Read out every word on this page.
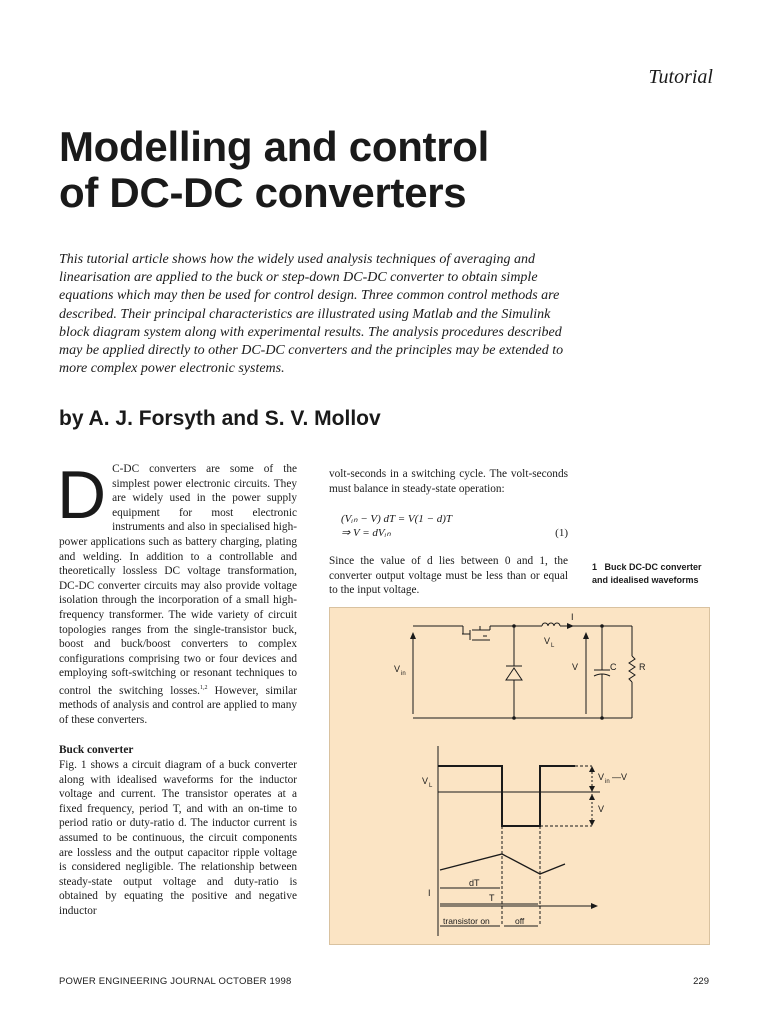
Tutorial
Modelling and control
of DC-DC converters

This tutorial article shows how the widely used analysis techniques of averaging and linearisation are applied to the buck or step-down DC-DC converter to obtain simple equations which may then be used for control design. Three common control methods are described. Their principal characteristics are illustrated using Matlab and the Simulink block diagram system along with experimental results. The analysis procedures described may be applied directly to other DC-DC converters and the principles may be extended to more complex power electronic systems.

by A. J. Forsyth and S. V. Mollov

D C-DC converters are some of the simplest power electronic circuits. They are widely used in the power supply equipment for most electronic instruments and also in specialised high-power applications such as battery charging, plating and welding. In addition to a controllable and theoretically lossless DC voltage transformation, DC-DC converter circuits may also provide voltage isolation through the incorporation of a small high-frequency transformer. The wide variety of circuit topologies ranges from the single-transistor buck, boost and buck/boost converters to complex configurations comprising two or four devices and employing soft-switching or resonant techniques to control the switching losses.$^{1,2}$ However, similar methods of analysis and control are applied to many of these converters.

Buck converter

Fig. 1 shows a circuit diagram of a buck converter along with idealised waveforms for the inductor voltage and current. The transistor operates at a fixed frequency, period T, and with an on-time to period ratio or duty-ratio d. The inductor current is assumed to be continuous, the circuit components are lossless and the output capacitor ripple voltage is considered negligible. The relationship between steady-state output voltage and duty-ratio is obtained by equating the positive and negative inductor

volt-seconds in a switching cycle. The volt-seconds must balance in steady-state operation:

(Vᵢₙ − V) dT = V(1 − d)T
⇒ V = dVᵢₙ	(1)

Since the value of d lies between 0 and 1, the converter output voltage must be less than or equal to the input voltage.

1 Buck DC-DC converter and idealised waveforms
I
V L
V in
V	C	R
V L
V in —V
V
I
dT
T
transistor on	off
POWER ENGINEERING JOURNAL OCTOBER 1998	229
